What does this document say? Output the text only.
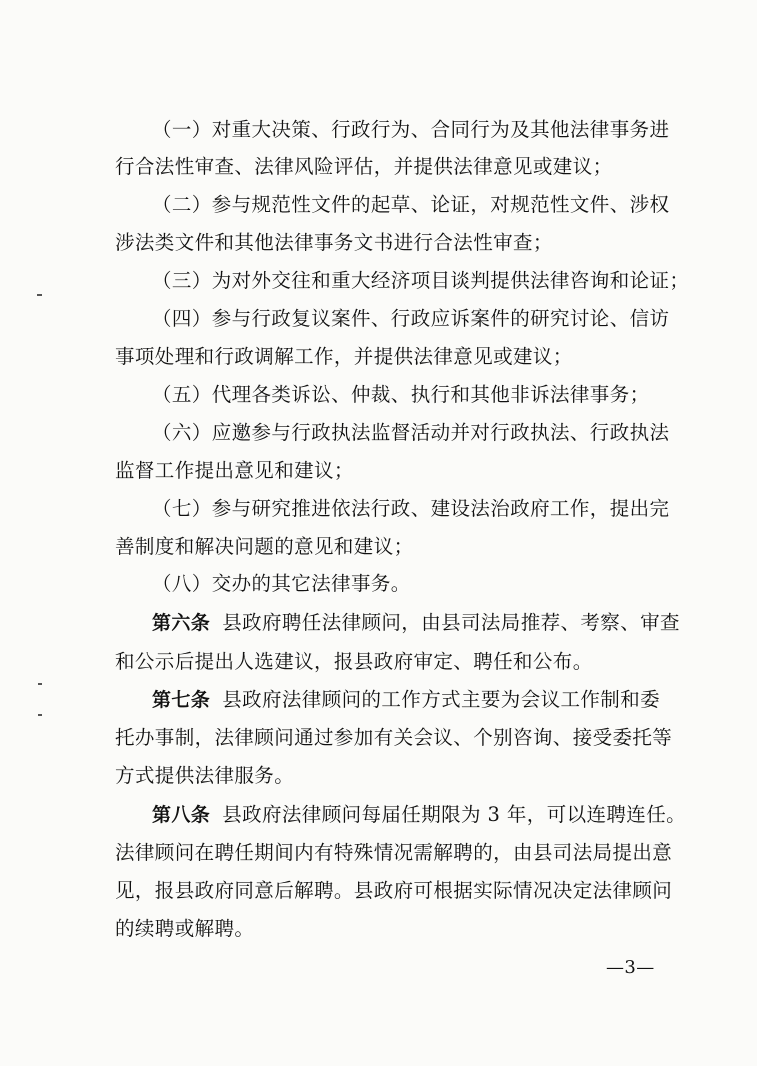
（一）对重大决策、行政行为、合同行为及其他法律事务进
行合法性审查、法律风险评估，并提供法律意见或建议；
（二）参与规范性文件的起草、论证，对规范性文件、涉权
涉法类文件和其他法律事务文书进行合法性审查；
（三）为对外交往和重大经济项目谈判提供法律咨询和论证；
（四）参与行政复议案件、行政应诉案件的研究讨论、信访
事项处理和行政调解工作，并提供法律意见或建议；
（五）代理各类诉讼、仲裁、执行和其他非诉法律事务；
（六）应邀参与行政执法监督活动并对行政执法、行政执法
监督工作提出意见和建议；
（七）参与研究推进依法行政、建设法治政府工作，提出完
善制度和解决问题的意见和建议；
（八）交办的其它法律事务。
第六条 县政府聘任法律顾问，由县司法局推荐、考察、审查
和公示后提出人选建议，报县政府审定、聘任和公布。
第七条 县政府法律顾问的工作方式主要为会议工作制和委
托办事制，法律顾问通过参加有关会议、个别咨询、接受委托等
方式提供法律服务。
第八条 县政府法律顾问每届任期限为 3 年，可以连聘连任。
法律顾问在聘任期间内有特殊情况需解聘的，由县司法局提出意
见，报县政府同意后解聘。县政府可根据实际情况决定法律顾问
的续聘或解聘。
—3—
